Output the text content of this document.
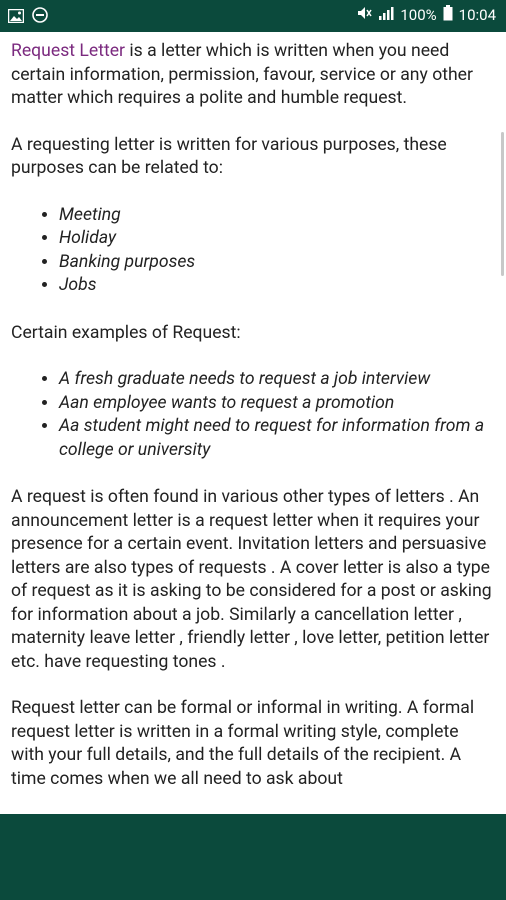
100% 10:04

Request Letter is a letter which is written when you need certain information, permission, favour, service or any other matter which requires a polite and humble request.

A requesting letter is written for various purposes, these purposes can be related to:

• Meeting
• Holiday
• Banking purposes
• Jobs

Certain examples of Request:

• A fresh graduate needs to request a job interview
• Aan employee wants to request a promotion
• Aa student might need to request for information from a college or university

A request is often found in various other types of letters . An announcement letter is a request letter when it requires your presence for a certain event. Invitation letters and persuasive letters are also types of requests . A cover letter is also a type of request as it is asking to be considered for a post or asking for information about a job. Similarly a cancellation letter , maternity leave letter , friendly letter , love letter, petition letter etc. have requesting tones .

Request letter can be formal or informal in writing. A formal request letter is written in a formal writing style, complete with your full details, and the full details of the recipient. A time comes when we all need to ask about
